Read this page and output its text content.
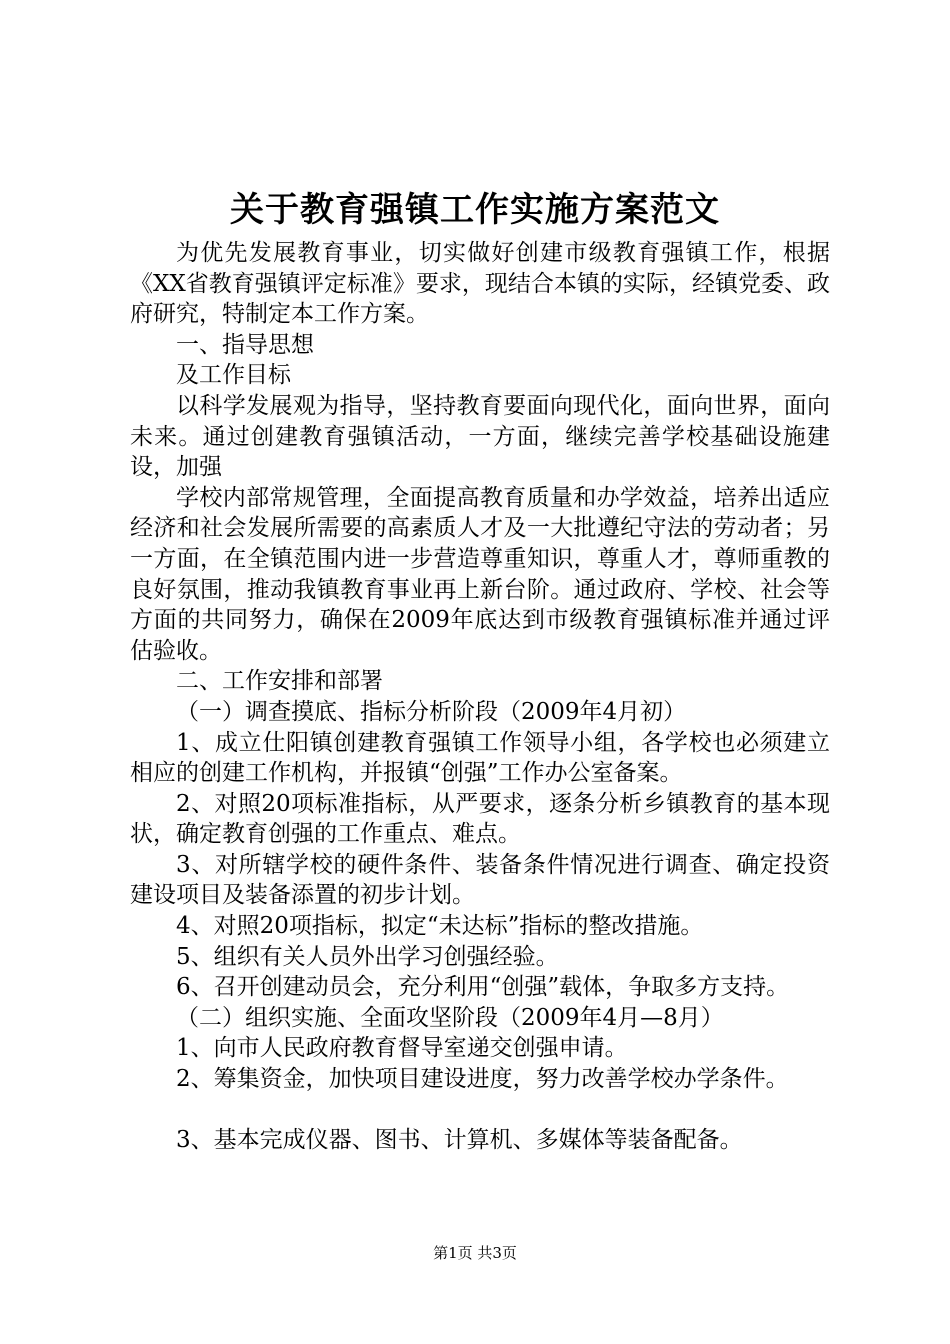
关于教育强镇工作实施方案范文

为优先发展教育事业，切实做好创建市级教育强镇工作，根据《XX省教育强镇评定标准》要求，现结合本镇的实际，经镇党委、政府研究，特制定本工作方案。

一、指导思想

及工作目标

以科学发展观为指导，坚持教育要面向现代化，面向世界，面向未来。通过创建教育强镇活动，一方面，继续完善学校基础设施建设，加强

学校内部常规管理，全面提高教育质量和办学效益，培养出适应经济和社会发展所需要的高素质人才及一大批遵纪守法的劳动者；另一方面，在全镇范围内进一步营造尊重知识，尊重人才，尊师重教的良好氛围，推动我镇教育事业再上新台阶。通过政府、学校、社会等方面的共同努力，确保在2009年底达到市级教育强镇标准并通过评估验收。

二、工作安排和部署

（一）调查摸底、指标分析阶段（2009年4月初）

1、成立仕阳镇创建教育强镇工作领导小组，各学校也必须建立相应的创建工作机构，并报镇“创强”工作办公室备案。

2、对照20项标准指标，从严要求，逐条分析乡镇教育的基本现状，确定教育创强的工作重点、难点。

3、对所辖学校的硬件条件、装备条件情况进行调查、确定投资建设项目及装备添置的初步计划。

4、对照20项指标，拟定“未达标”指标的整改措施。

5、组织有关人员外出学习创强经验。

6、召开创建动员会，充分利用“创强”载体，争取多方支持。

（二）组织实施、全面攻坚阶段（2009年4月—8月）

1、向市人民政府教育督导室递交创强申请。

2、筹集资金，加快项目建设进度，努力改善学校办学条件。

3、基本完成仪器、图书、计算机、多媒体等装备配备。

第1页 共3页
